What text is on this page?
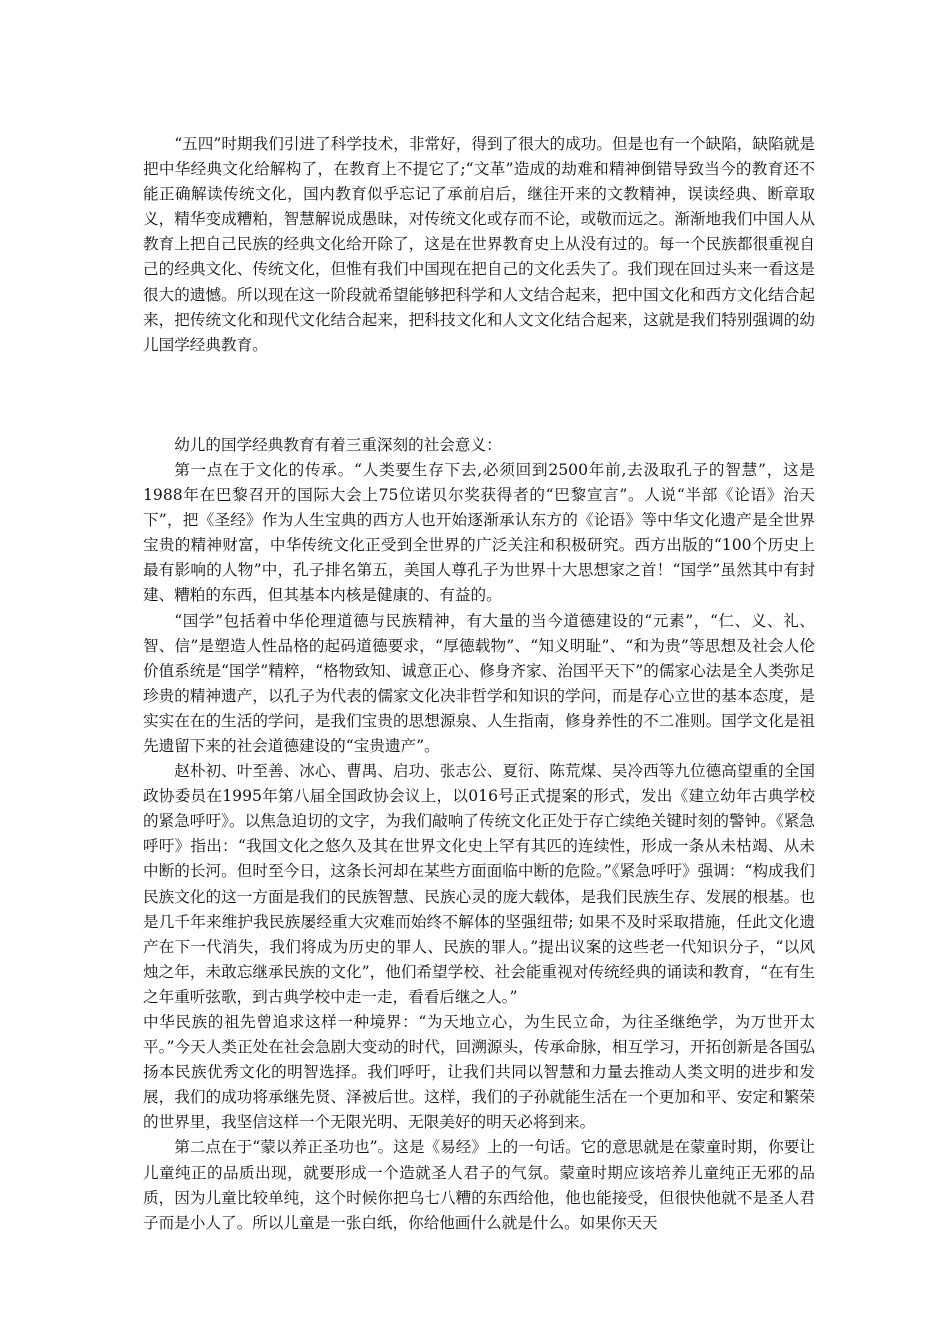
“五四”时期我们引进了科学技术，非常好，得到了很大的成功。但是也有一个缺陷，缺陷就是把中华经典文化给解构了，在教育上不提它了;“文革”造成的劫难和精神倒错导致当今的教育还不能正确解读传统文化，国内教育似乎忘记了承前启后，继往开来的文教精神，误读经典、断章取义，精华变成糟粕，智慧解说成愚昧，对传统文化或存而不论，或敬而远之。渐渐地我们中国人从教育上把自己民族的经典文化给开除了，这是在世界教育史上从没有过的。每一个民族都很重视自己的经典文化、传统文化，但惟有我们中国现在把自己的文化丢失了。我们现在回过头来一看这是很大的遗憾。所以现在这一阶段就希望能够把科学和人文结合起来，把中国文化和西方文化结合起来，把传统文化和现代文化结合起来，把科技文化和人文文化结合起来，这就是我们特别强调的幼儿国学经典教育。

幼儿的国学经典教育有着三重深刻的社会意义：

第一点在于文化的传承。“人类要生存下去,必须回到2500年前,去汲取孔子的智慧”，这是1988年在巴黎召开的国际大会上75位诺贝尔奖获得者的“巴黎宣言”。人说“半部《论语》治天下”，把《圣经》作为人生宝典的西方人也开始逐渐承认东方的《论语》等中华文化遗产是全世界宝贵的精神财富，中华传统文化正受到全世界的广泛关注和积极研究。西方出版的“100个历史上最有影响的人物”中，孔子排名第五，美国人尊孔子为世界十大思想家之首！“国学”虽然其中有封建、糟粕的东西，但其基本内核是健康的、有益的。

“国学”包括着中华伦理道德与民族精神，有大量的当今道德建设的“元素”，“仁、义、礼、智、信”是塑造人性品格的起码道德要求，“厚德载物”、“知义明耻”、“和为贵”等思想及社会人伦价值系统是“国学”精粹，“格物致知、诚意正心、修身齐家、治国平天下”的儒家心法是全人类弥足珍贵的精神遗产，以孔子为代表的儒家文化决非哲学和知识的学问，而是存心立世的基本态度，是实实在在的生活的学问，是我们宝贵的思想源泉、人生指南，修身养性的不二准则。国学文化是祖先遗留下来的社会道德建设的“宝贵遗产”。

赵朴初、叶至善、冰心、曹禺、启功、张志公、夏衍、陈荒煤、吴冷西等九位德高望重的全国政协委员在1995年第八届全国政协会议上，以016号正式提案的形式，发出《建立幼年古典学校的紧急呼吁》。以焦急迫切的文字，为我们敲响了传统文化正处于存亡续绝关键时刻的警钟。《紧急呼吁》指出：“我国文化之悠久及其在世界文化史上罕有其匹的连续性，形成一条从未枯竭、从未中断的长河。但时至今日，这条长河却在某些方面面临中断的危险。”《紧急呼吁》强调：“构成我们民族文化的这一方面是我们的民族智慧、民族心灵的庞大载体，是我们民族生存、发展的根基。也是几千年来维护我民族屡经重大灾难而始终不解体的坚强纽带; 如果不及时采取措施，任此文化遗产在下一代消失，我们将成为历史的罪人、民族的罪人。”提出议案的这些老一代知识分子，“以风烛之年，未敢忘继承民族的文化”，他们希望学校、社会能重视对传统经典的诵读和教育，“在有生之年重听弦歌，到古典学校中走一走，看看后继之人。”

中华民族的祖先曾追求这样一种境界：“为天地立心，为生民立命，为往圣继绝学，为万世开太平。”今天人类正处在社会急剧大变动的时代，回溯源头，传承命脉，相互学习，开拓创新是各国弘扬本民族优秀文化的明智选择。我们呼吁，让我们共同以智慧和力量去推动人类文明的进步和发展，我们的成功将承继先贤、泽被后世。这样，我们的子孙就能生活在一个更加和平、安定和繁荣的世界里，我坚信这样一个无限光明、无限美好的明天必将到来。

第二点在于“蒙以养正圣功也”。这是《易经》上的一句话。它的意思就是在蒙童时期，你要让儿童纯正的品质出现，就要形成一个造就圣人君子的气氛。蒙童时期应该培养儿童纯正无邪的品质，因为儿童比较单纯，这个时候你把乌七八糟的东西给他，他也能接受，但很快他就不是圣人君子而是小人了。所以儿童是一张白纸，你给他画什么就是什么。如果你天天
